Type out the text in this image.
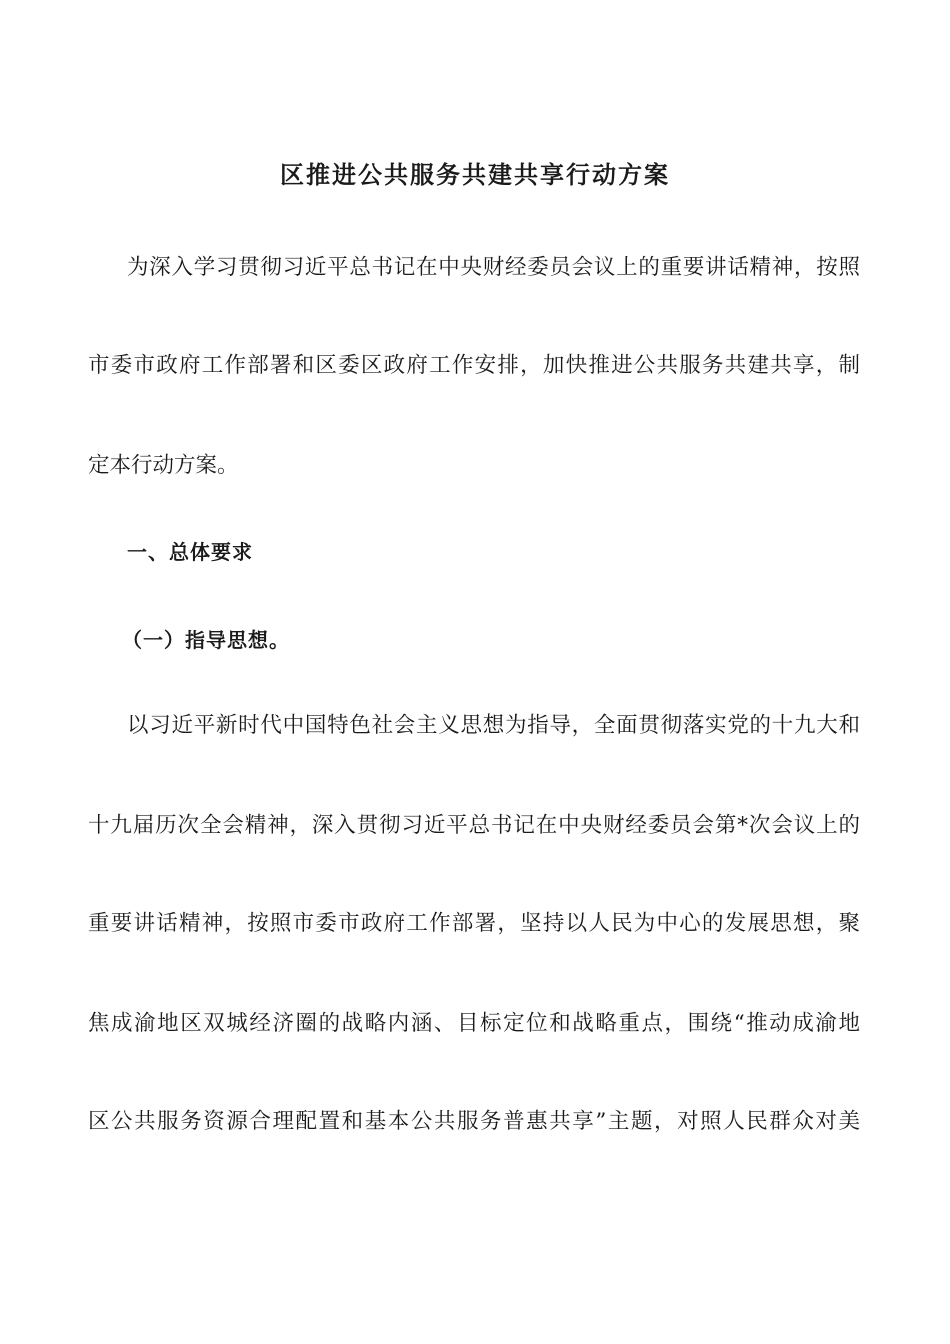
区推进公共服务共建共享行动方案
为深入学习贯彻习近平总书记在中央财经委员会议上的重要讲话精神，按照
市委市政府工作部署和区委区政府工作安排，加快推进公共服务共建共享，制
定本行动方案。
一、总体要求
（一）指导思想。
以习近平新时代中国特色社会主义思想为指导，全面贯彻落实党的十九大和
十九届历次全会精神，深入贯彻习近平总书记在中央财经委员会第*次会议上的
重要讲话精神，按照市委市政府工作部署，坚持以人民为中心的发展思想，聚
焦成渝地区双城经济圈的战略内涵、目标定位和战略重点，围绕“推动成渝地
区公共服务资源合理配置和基本公共服务普惠共享”主题，对照人民群众对美
